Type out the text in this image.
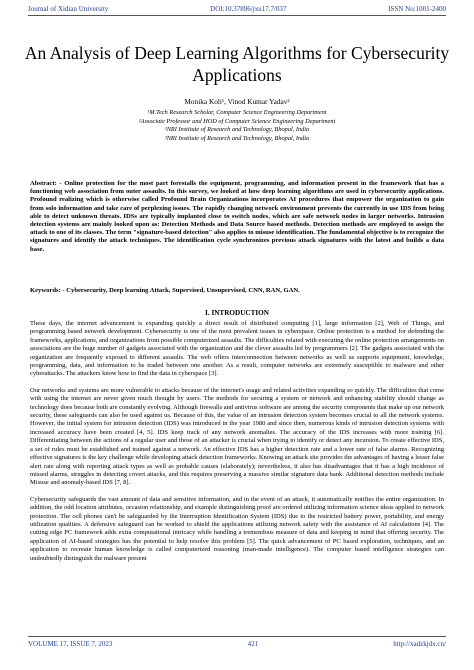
Journal of Xidian University	DOI:10.37896/jxu17.7/037	ISSN No:1001-2400
An Analysis of Deep Learning Algorithms for Cybersecurity Applications
Monika Koli¹, Vinod Kumar Yadav²
¹M.Tech Research Scholar, Computer Science Engineering Department
²Associate Professor and HOD of Computer Science Engineering Department
¹NRI Institute of Research and Technology, Bhopal, India
²NRI Institute of Research and Technology, Bhopal, India
Abstract: - Online protection for the most part forestalls the equipment, programming, and information present in the framework that has a functioning web association from outer assaults. In this survey, we looked at how deep learning algorithms are used in cybersecurity applications. Profound realizing which is otherwise called Profound Brain Organizations incorporates AI procedures that empower the organization to gain from solo information and take care of perplexing issues. The rapidly changing network environment prevents the currently in use IDS from being able to detect unknown threats. IDSs are typically implanted close to switch nodes, which are safe network nodes in larger networks. Intrusion detection systems are mainly looked upon as: Detection Methods and Data Source based methods. Detection methods are employed to assign the attack to one of its classes. The term "signature-based detection" also applies to misuse identification. The fundamental objective is to recognize the signatures and identify the attack techniques. The identification cycle synchronizes previous attack signatures with the latest and builds a data base.
Keywords: - Cybersecurity, Deep learning Attack, Supervised, Unsupervised, CNN, RAN, GAN.
I. INTRODUCTION

These days, the internet advancement is expanding quickly a direct result of distributed computing [1], large information [2], Web of Things, and programming based network development. Cybersecurity is one of the most prevalent issues in cyberspace. Online protection is a method for defending the frameworks, applications, and organizations from possible computerized assaults. The difficulties related with executing the online protection arrangements on associations are the huge number of gadgets associated with the organization and the clever assaults led by programmers [2]. The gadgets associated with the organization are frequently exposed to different assaults. The web offers interconnection between networks as well as supports equipment, knowledge, programming, data, and information to be traded between one another. As a result, computer networks are extremely susceptible to malware and other cyberattacks. The attackers know how to find the data in cyberspace [3].

Our networks and systems are more vulnerable to attacks because of the internet's usage and related activities expanding so quickly. The difficulties that come with using the internet are never given much thought by users. The methods for securing a system or network and enhancing stability should change as technology does because both are constantly evolving. Although firewalls and antivirus software are among the security components that make up our network security, these safeguards can also be used against us. Because of this, the value of an intrusion detection system becomes crucial to all the network systems. However, the initial system for intrusion detection (IDS) was introduced in the year 1980 and since then, numerous kinds of intrusion detection systems with increased accuracy have been created [4, 5]. IDS keep track of any network anomalies. The accuracy of the IDS increases with more training [6]. Differentiating between the actions of a regular user and those of an attacker is crucial when trying to identify or detect any incursion. To create effective IDS, a set of rules must be established and trained against a network. An effective IDS has a higher detection rate and a lower rate of false alarms. Recognizing effective signatures is the key challenge while developing attack detection frameworks. Knowing an attack site provides the advantages of having a lesser false alert rate along with reporting attack types as well as probable causes (elaborately); nevertheless, it also has disadvantages that it has a high incidence of missed alarms, struggles in detecting covert attacks, and this requires preserving a massive similar signature data bank. Additional detection methods include Misuse and anomaly-based IDS [7, 8].

Cybersecurity safeguards the vast amount of data and sensitive information, and in the event of an attack, it automatically notifies the entire organization. In addition, the odd location attributes, occasion relationship, and example distinguishing proof are ordered utilizing information science ideas applied to network protection. The cell phones can't be safeguarded by the Interruption Identification System (IDS) due to the restricted battery power, portability, and energy utilization qualities. A defensive safeguard can be worked to shield the applications utilizing network safety with the assistance of AI calculations [4]. The cutting edge PC framework adds extra computational intricacy while handling a tremendous measure of data and keeping in mind that offering security. The application of AI-based strategies has the potential to help resolve this problem [5]. The quick advancement of PC based exploration, techniques, and an application to recreate human knowledge is called computerized reasoning (man-made intelligence). The computer based intelligence strategies can undoubtedly distinguish the malware present

VOLUME 17, ISSUE 7, 2023	421	http://xadzkjdx.cn/
